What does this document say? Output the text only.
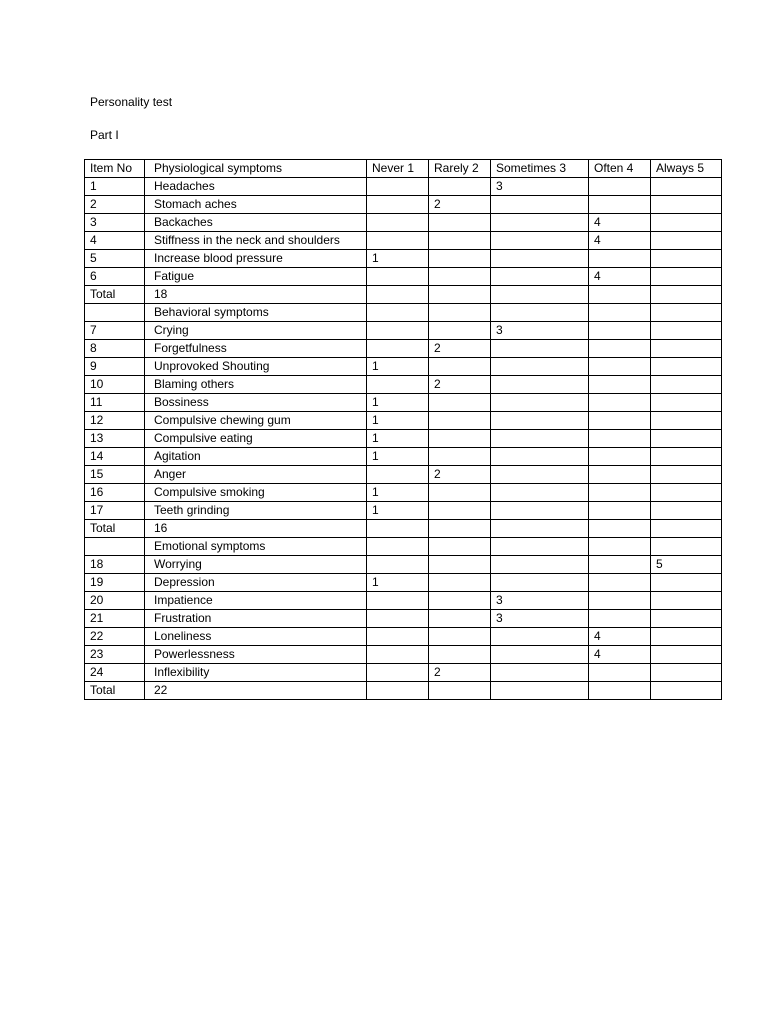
Personality test
Part I
Item No	Physiological symptoms	Never 1	Rarely 2	Sometimes 3	Often 4	Always 5
1	Headaches			3		
2	Stomach aches		2			
3	Backaches				4	
4	Stiffness in the neck and shoulders				4	
5	Increase blood pressure	1				
6	Fatigue				4	
Total	18					
	Behavioral symptoms					
7	Crying			3		
8	Forgetfulness		2			
9	Unprovoked Shouting	1				
10	Blaming others		2			
11	Bossiness	1				
12	Compulsive chewing gum	1				
13	Compulsive eating	1				
14	Agitation	1				
15	Anger		2			
16	Compulsive smoking	1				
17	Teeth grinding	1				
Total	16					
	Emotional symptoms					
18	Worrying					5
19	Depression	1				
20	Impatience			3		
21	Frustration			3		
22	Loneliness				4	
23	Powerlessness				4	
24	Inflexibility		2			
Total	22					
